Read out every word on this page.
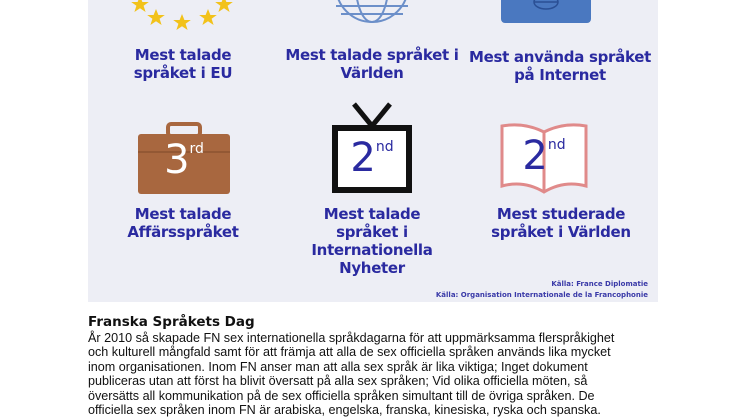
Mest talade
språket i EU
Mest talade språket i
Världen
Mest använda språket
på Internet
3rd	2nd	2nd
Mest talade
Affärsspråket
Mest talade
språket i
Internationella
Nyheter
Mest studerade
språket i Världen
Källa: France Diplomatie
Källa: Organisation Internationale de la Francophonie
Franska Språkets Dag

År 2010 så skapade FN sex internationella språkdagarna för att uppmärksamma flerspråkighet

och kulturell mångfald samt för att främja att alla de sex officiella språken används lika mycket

inom organisationen. Inom FN anser man att alla sex språk är lika viktiga; Inget dokument

publiceras utan att först ha blivit översatt på alla sex språken; Vid olika officiella möten, så

översätts all kommunikation på de sex officiella språken simultant till de övriga språken. De

officiella sex språken inom FN är arabiska, engelska, franska, kinesiska, ryska och spanska.
